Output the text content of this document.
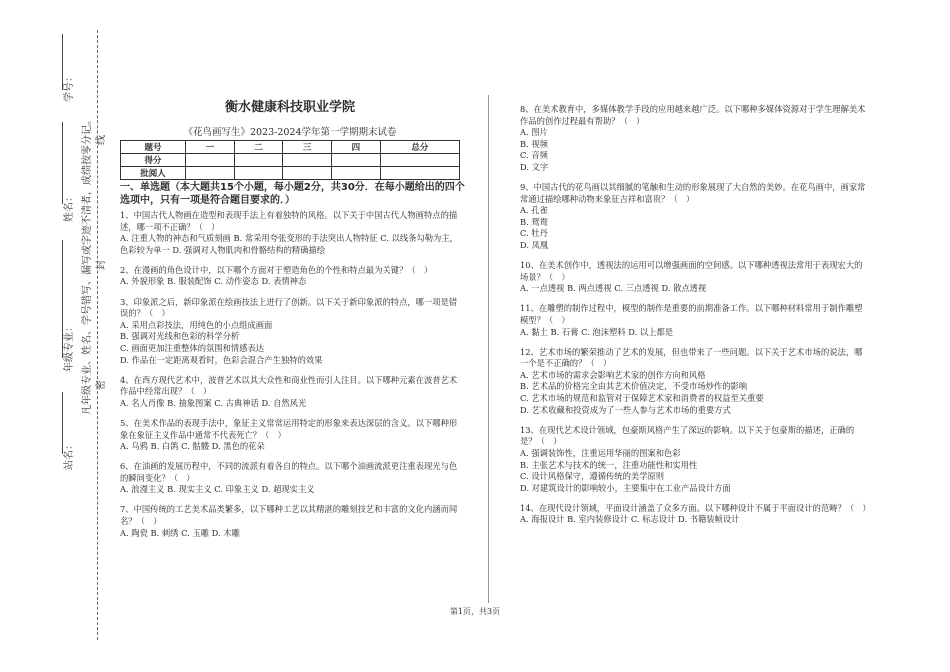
学号：
姓名：
年级专业：
站名：
凡年级专业、姓名、学号错写、漏写或字迹不清者，成绩按零分记。 线
封
密
衡水健康科技职业学院
《花鸟画写生》2023-2024学年第一学期期末试卷
题号	一	二	三	四	总分
得分					
批阅人					
一、单选题（本大题共15个小题，每小题2分，共30分．在每小题给出的四个选项中，只有一项是符合题目要求的．）

1、中国古代人物画在造型和表现手法上有着独特的风格。以下关于中国古代人物画特点的描述，哪一项不正确？（　）

A. 注重人物的神态和气质刻画 B. 常采用夸张变形的手法突出人物特征 C. 以线条勾勒为主，色彩较为单一 D. 强调对人物肌肉和骨骼结构的精确描绘

2、在漫画的角色设计中，以下哪个方面对于塑造角色的个性和特点最为关键？（　）

A. 外貌形象 B. 服装配饰 C. 动作姿态 D. 表情神态

3、印象派之后，新印象派在绘画技法上进行了创新。以下关于新印象派的特点，哪一项是错误的？（　）

A. 采用点彩技法，用纯色的小点组成画面

B. 强调对光线和色彩的科学分析

C. 画面更加注重整体的氛围和情感表达

D. 作品在一定距离观看时，色彩会混合产生独特的效果

4、在西方现代艺术中，波普艺术以其大众性和商业性而引人注目。以下哪种元素在波普艺术作品中经常出现？（　）

A. 名人肖像 B. 抽象图案 C. 古典神话 D. 自然风光

5、在美术作品的表现手法中，象征主义常常运用特定的形象来表达深层的含义。以下哪种形象在象征主义作品中通常不代表死亡？（　）

A. 乌鸦 B. 白鸽 C. 骷髅 D. 黑色的花朵

6、在油画的发展历程中，不同的流派有着各自的特点。以下哪个油画流派更注重表现光与色的瞬间变化？（　）

A. 浪漫主义 B. 现实主义 C. 印象主义 D. 超现实主义

7、中国传统的工艺美术品类繁多，以下哪种工艺以其精湛的雕刻技艺和丰富的文化内涵而闻名？（　）

A. 陶瓷 B. 刺绣 C. 玉雕 D. 木雕

8、在美术教育中，多媒体教学手段的应用越来越广泛。以下哪种多媒体资源对于学生理解美术作品的创作过程最有帮助？（　）

A. 图片

B. 视频

C. 音频

D. 文字

9、中国古代的花鸟画以其细腻的笔触和生动的形象展现了大自然的美妙。在花鸟画中，画家常常通过描绘哪种动物来象征吉祥和富贵？（　）

A. 孔雀

B. 鸳鸯

C. 牡丹

D. 凤凰

10、在美术创作中，透视法的运用可以增强画面的空间感。以下哪种透视法常用于表现宏大的场景？（　）

A. 一点透视 B. 两点透视 C. 三点透视 D. 散点透视

11、在雕塑的制作过程中，模型的制作是重要的前期准备工作。以下哪种材料常用于制作雕塑模型？（　）

A. 黏土 B. 石膏 C. 泡沫塑料 D. 以上都是

12、艺术市场的繁荣推动了艺术的发展，但也带来了一些问题。以下关于艺术市场的说法，哪一个是不正确的？（　）

A. 艺术市场的需求会影响艺术家的创作方向和风格

B. 艺术品的价格完全由其艺术价值决定，不受市场炒作的影响

C. 艺术市场的规范和监管对于保障艺术家和消费者的权益至关重要

D. 艺术收藏和投资成为了一些人参与艺术市场的重要方式

13、在现代艺术设计领域，包豪斯风格产生了深远的影响。以下关于包豪斯的描述，正确的是？（　）

A. 强调装饰性，注重运用华丽的图案和色彩

B. 主张艺术与技术的统一，注重功能性和实用性

C. 设计风格保守，遵循传统的美学原则

D. 对建筑设计的影响较小，主要集中在工业产品设计方面

14、在现代设计领域，平面设计涵盖了众多方面。以下哪种设计不属于平面设计的范畴？（　）

A. 海报设计 B. 室内装修设计 C. 标志设计 D. 书籍装帧设计

第1页，共3页
